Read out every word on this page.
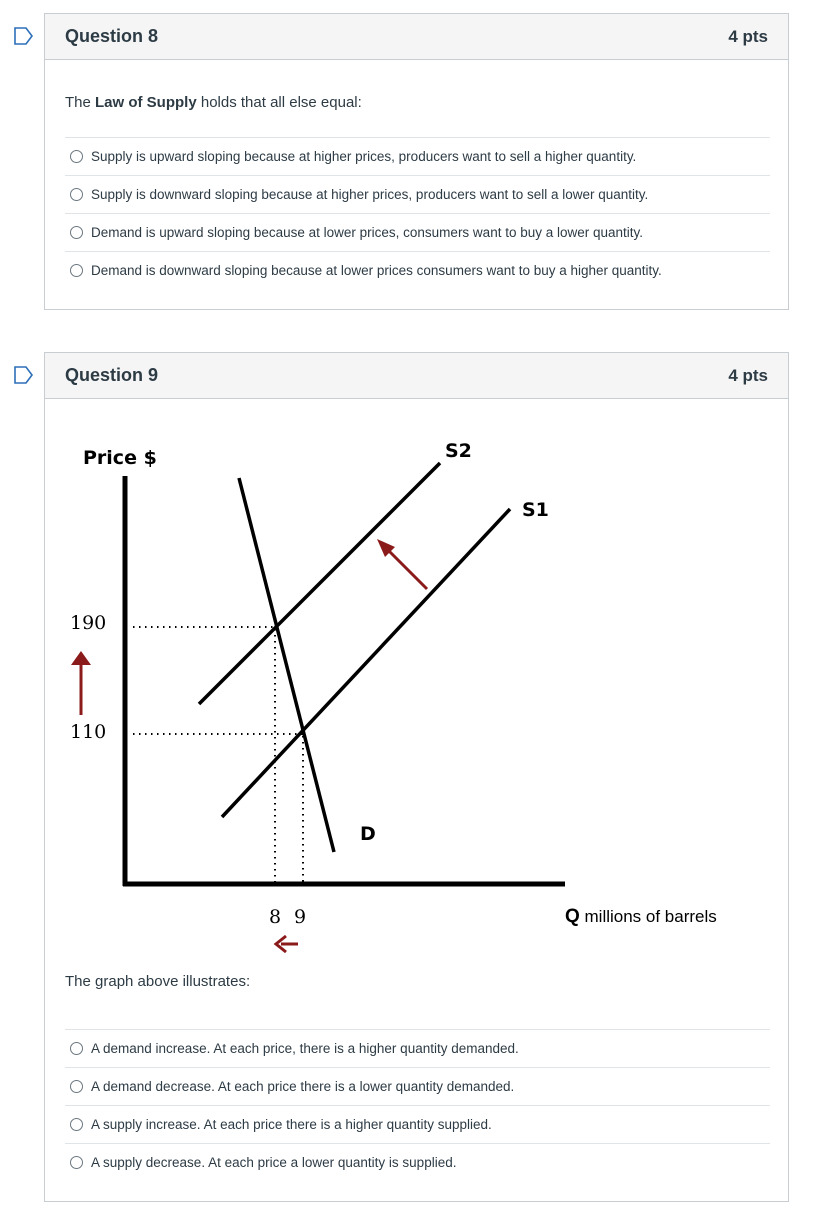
Question 8	4 pts
The Law of Supply holds that all else equal:
Supply is upward sloping because at higher prices, producers want to sell a higher quantity.
Supply is downward sloping because at higher prices, producers want to sell a lower quantity.
Demand is upward sloping because at lower prices, consumers want to buy a lower quantity.
Demand is downward sloping because at lower prices consumers want to buy a higher quantity.
Question 9	4 pts
Price $	S2
S1
D
190
110
8 9	Q millions of barrels
The graph above illustrates:
A demand increase. At each price, there is a higher quantity demanded.
A demand decrease. At each price there is a lower quantity demanded.
A supply increase. At each price there is a higher quantity supplied.
A supply decrease. At each price a lower quantity is supplied.
